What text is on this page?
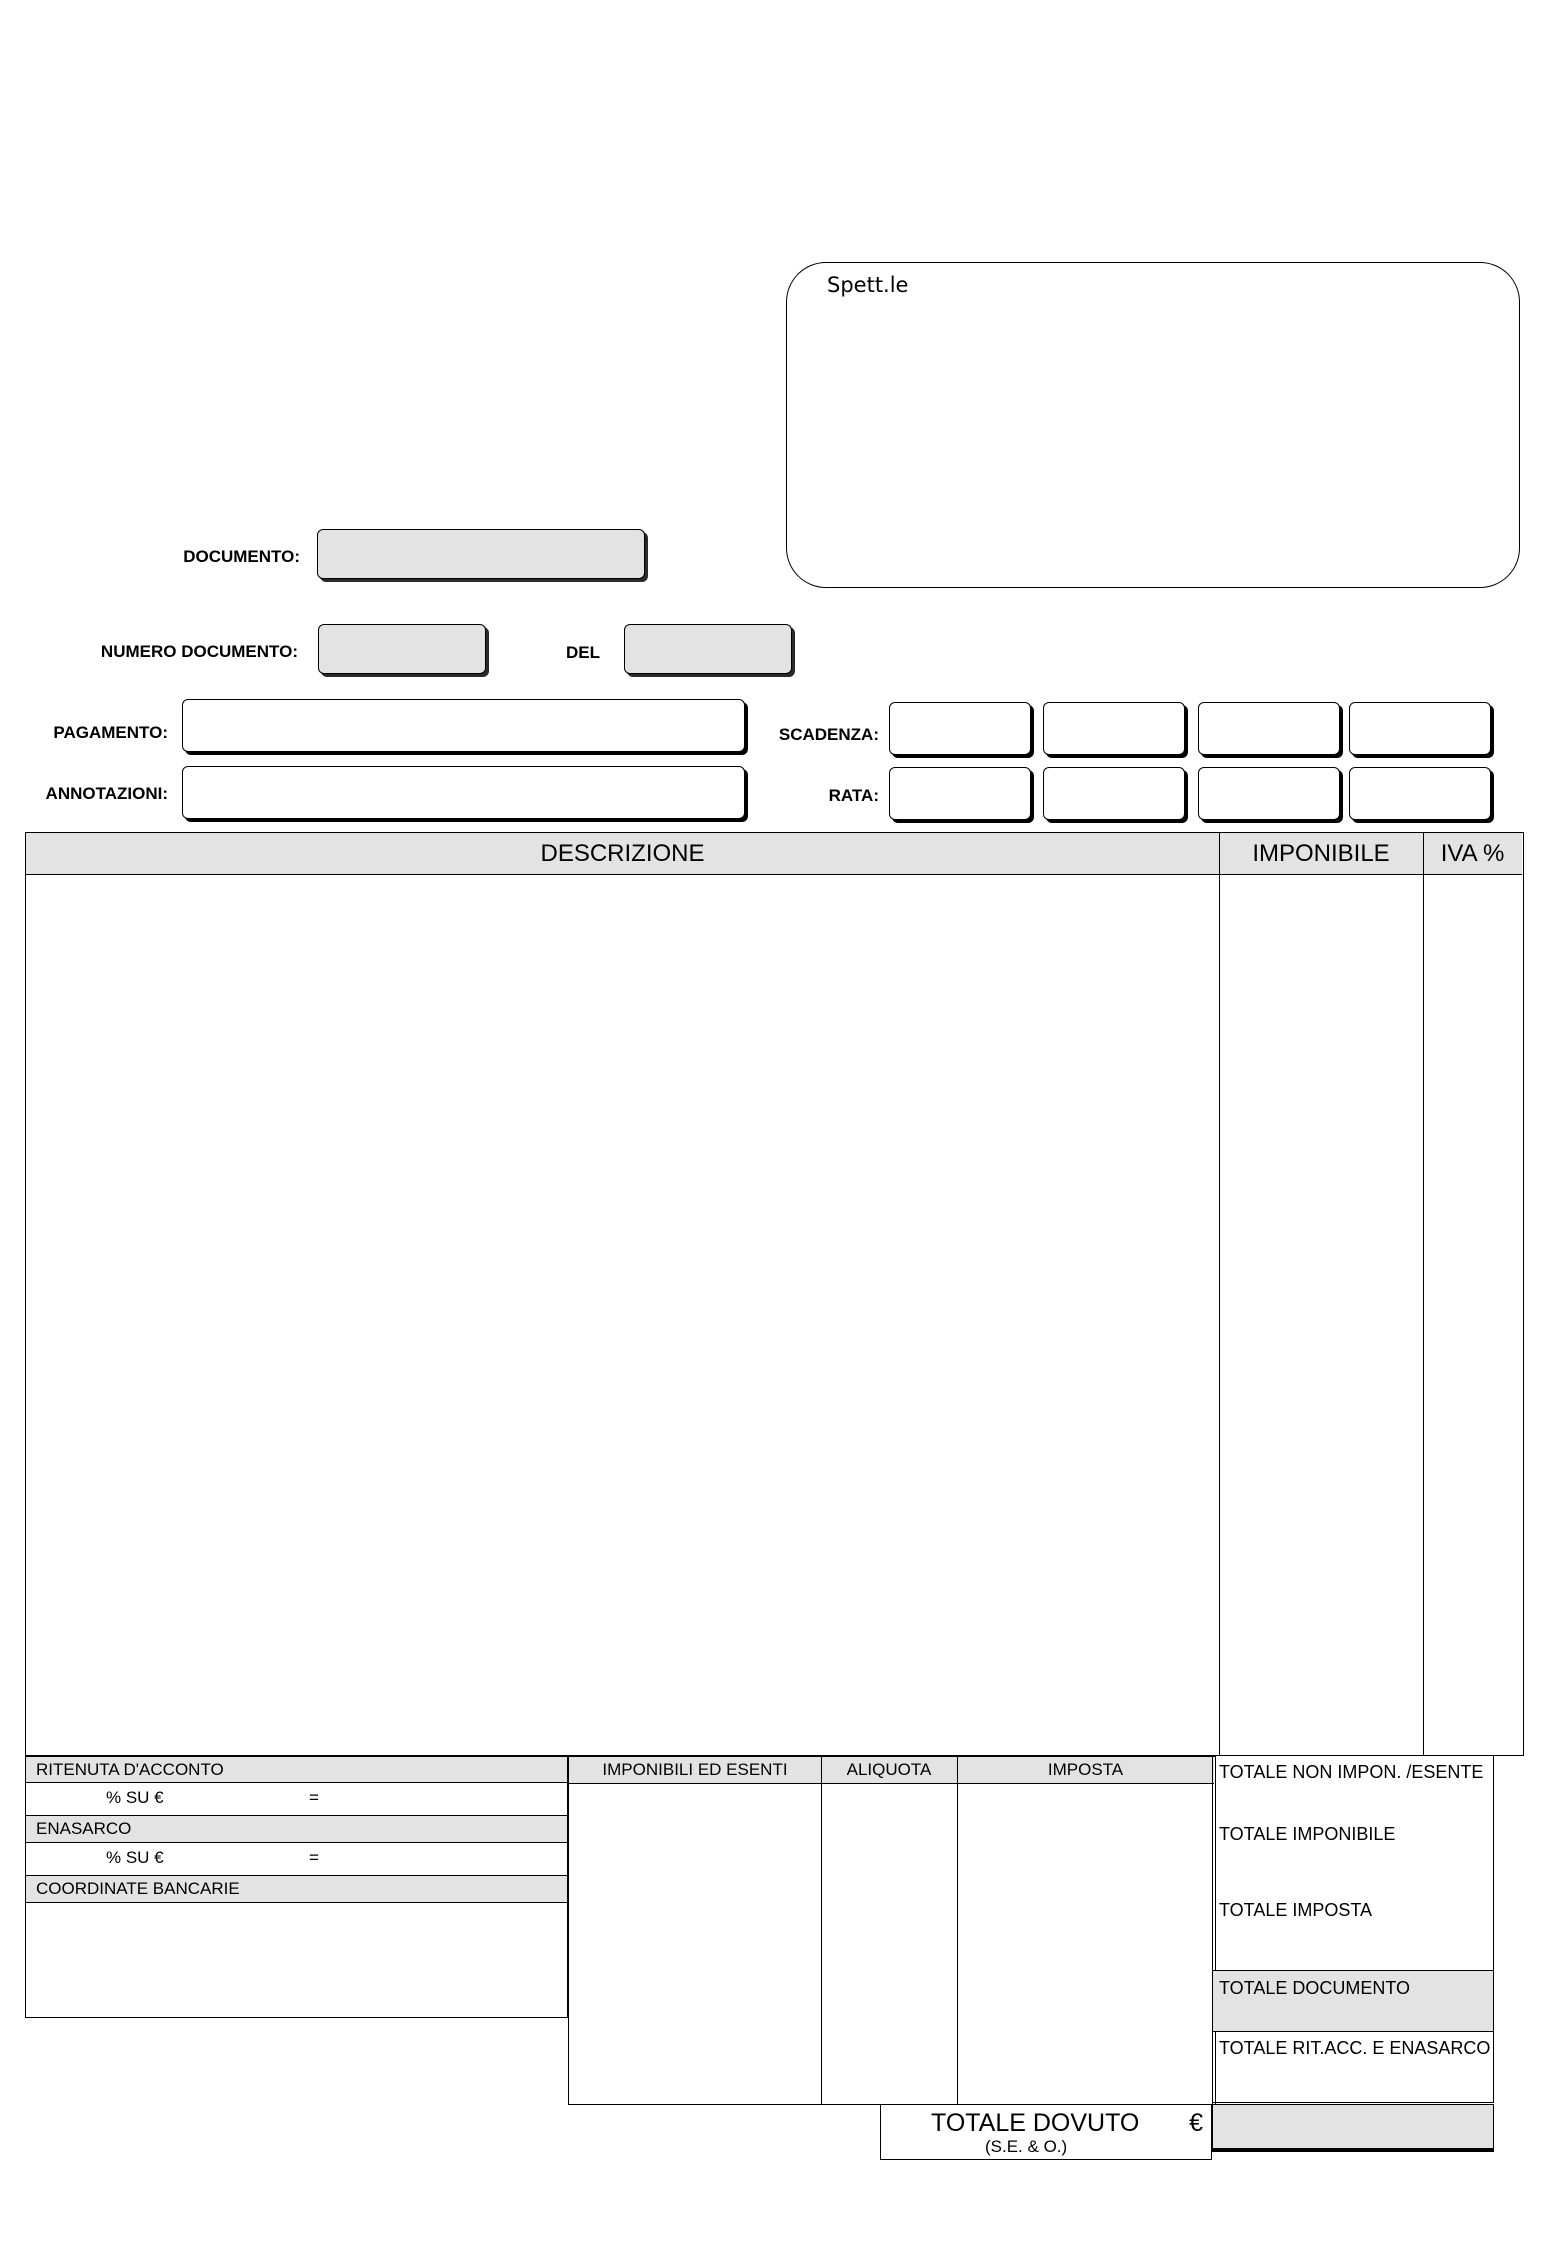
Spett.le
DOCUMENTO:
NUMERO DOCUMENTO:	DEL
PAGAMENTO:
ANNOTAZIONI:
SCADENZA:
RATA:
DESCRIZIONE	IMPONIBILE	IVA %
RITENUTA D'ACCONTO
% SU €	=
ENASARCO
% SU €	=
COORDINATE BANCARIE
IMPONIBILI ED ESENTI	ALIQUOTA	IMPOSTA	TOTALE NON IMPON. /ESENTE
TOTALE IMPONIBILE
TOTALE IMPOSTA
TOTALE DOCUMENTO
TOTALE RIT.ACC. E ENASARCO
TOTALE DOVUTO €
(S.E. & O.)
